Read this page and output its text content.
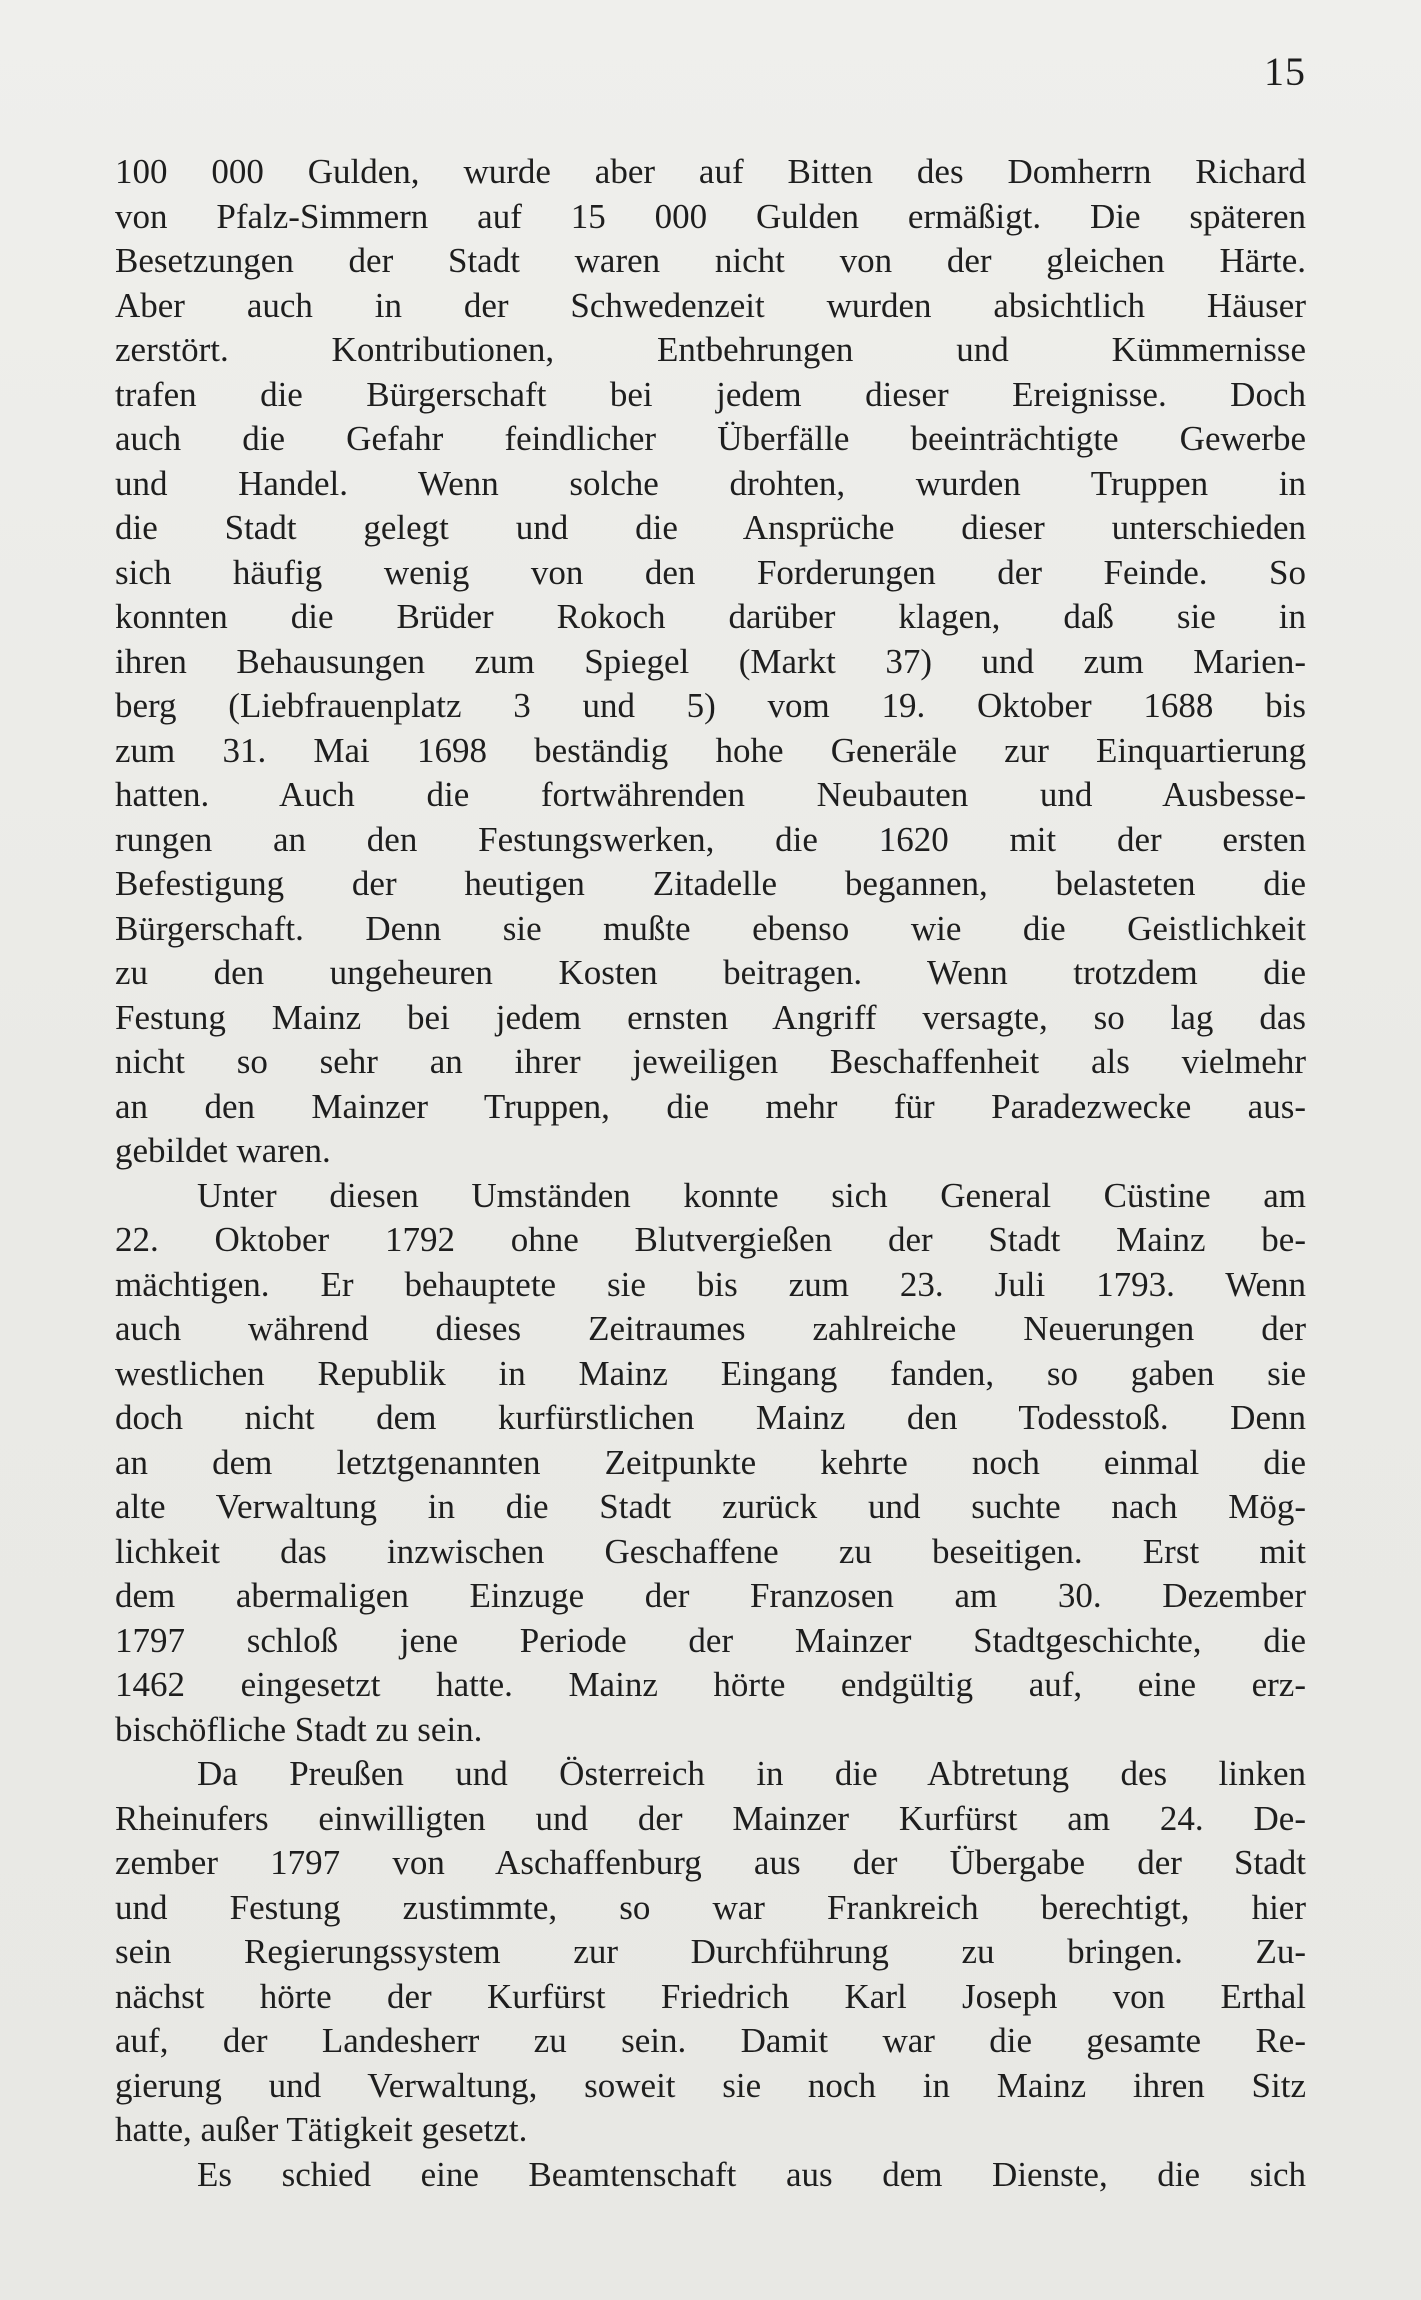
15
100 000 Gulden, wurde aber auf Bitten des Domherrn Richard
von Pfalz-Simmern auf 15 000 Gulden ermäßigt. Die späteren
Besetzungen der Stadt waren nicht von der gleichen Härte.
Aber auch in der Schwedenzeit wurden absichtlich Häuser
zerstört. Kontributionen, Entbehrungen und Kümmernisse
trafen die Bürgerschaft bei jedem dieser Ereignisse. Doch
auch die Gefahr feindlicher Überfälle beeinträchtigte Gewerbe
und Handel. Wenn solche drohten, wurden Truppen in
die Stadt gelegt und die Ansprüche dieser unterschieden
sich häufig wenig von den Forderungen der Feinde. So
konnten die Brüder Rokoch darüber klagen, daß sie in
ihren Behausungen zum Spiegel (Markt 37) und zum Marien-
berg (Liebfrauenplatz 3 und 5) vom 19. Oktober 1688 bis
zum 31. Mai 1698 beständig hohe Generäle zur Einquartierung
hatten. Auch die fortwährenden Neubauten und Ausbesse-
rungen an den Festungswerken, die 1620 mit der ersten
Befestigung der heutigen Zitadelle begannen, belasteten die
Bürgerschaft. Denn sie mußte ebenso wie die Geistlichkeit
zu den ungeheuren Kosten beitragen. Wenn trotzdem die
Festung Mainz bei jedem ernsten Angriff versagte, so lag das
nicht so sehr an ihrer jeweiligen Beschaffenheit als vielmehr
an den Mainzer Truppen, die mehr für Paradezwecke aus-
gebildet waren.
Unter diesen Umständen konnte sich General Cüstine am
22. Oktober 1792 ohne Blutvergießen der Stadt Mainz be-
mächtigen. Er behauptete sie bis zum 23. Juli 1793. Wenn
auch während dieses Zeitraumes zahlreiche Neuerungen der
westlichen Republik in Mainz Eingang fanden, so gaben sie
doch nicht dem kurfürstlichen Mainz den Todesstoß. Denn
an dem letztgenannten Zeitpunkte kehrte noch einmal die
alte Verwaltung in die Stadt zurück und suchte nach Mög-
lichkeit das inzwischen Geschaffene zu beseitigen. Erst mit
dem abermaligen Einzuge der Franzosen am 30. Dezember
1797 schloß jene Periode der Mainzer Stadtgeschichte, die
1462 eingesetzt hatte. Mainz hörte endgültig auf, eine erz-
bischöfliche Stadt zu sein.
Da Preußen und Österreich in die Abtretung des linken
Rheinufers einwilligten und der Mainzer Kurfürst am 24. De-
zember 1797 von Aschaffenburg aus der Übergabe der Stadt
und Festung zustimmte, so war Frankreich berechtigt, hier
sein Regierungssystem zur Durchführung zu bringen. Zu-
nächst hörte der Kurfürst Friedrich Karl Joseph von Erthal
auf, der Landesherr zu sein. Damit war die gesamte Re-
gierung und Verwaltung, soweit sie noch in Mainz ihren Sitz
hatte, außer Tätigkeit gesetzt.
Es schied eine Beamtenschaft aus dem Dienste, die sich
